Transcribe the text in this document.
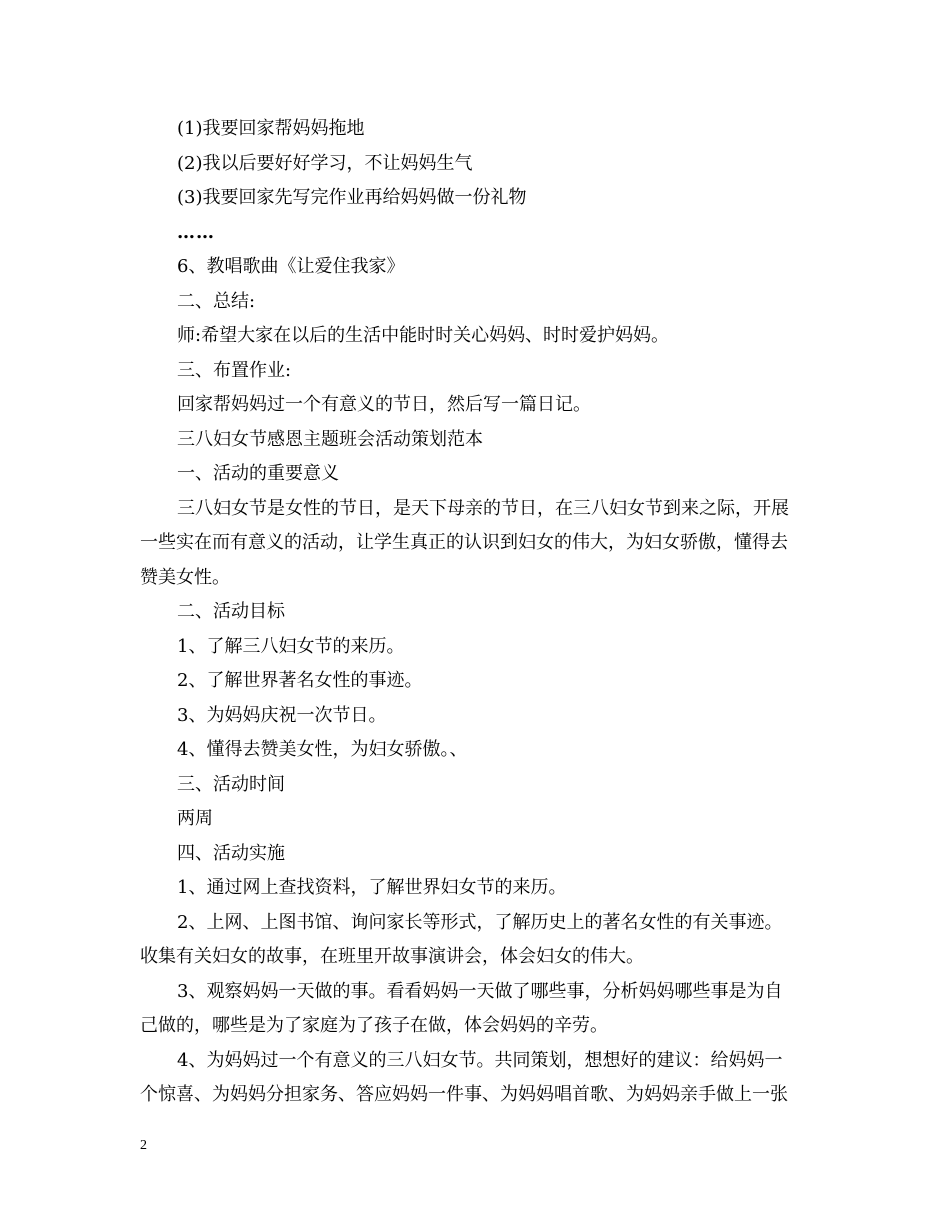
(1)我要回家帮妈妈拖地
(2)我以后要好好学习，不让妈妈生气
(3)我要回家先写完作业再给妈妈做一份礼物
……
6、教唱歌曲《让爱住我家》
二、总结:
师:希望大家在以后的生活中能时时关心妈妈、时时爱护妈妈。
三、布置作业:
回家帮妈妈过一个有意义的节日，然后写一篇日记。
三八妇女节感恩主题班会活动策划范本
一、活动的重要意义
三八妇女节是女性的节日，是天下母亲的节日，在三八妇女节到来之际，开展
一些实在而有意义的活动，让学生真正的认识到妇女的伟大，为妇女骄傲，懂得去
赞美女性。
二、活动目标
1、了解三八妇女节的来历。
2、了解世界著名女性的事迹。
3、为妈妈庆祝一次节日。
4、懂得去赞美女性，为妇女骄傲。、
三、活动时间
两周
四、活动实施
1、通过网上查找资料，了解世界妇女节的来历。
2、上网、上图书馆、询问家长等形式，了解历史上的著名女性的有关事迹。
收集有关妇女的故事，在班里开故事演讲会，体会妇女的伟大。
3、观察妈妈一天做的事。看看妈妈一天做了哪些事，分析妈妈哪些事是为自
己做的，哪些是为了家庭为了孩子在做，体会妈妈的辛劳。
4、为妈妈过一个有意义的三八妇女节。共同策划，想想好的建议：给妈妈一
个惊喜、为妈妈分担家务、答应妈妈一件事、为妈妈唱首歌、为妈妈亲手做上一张
2
